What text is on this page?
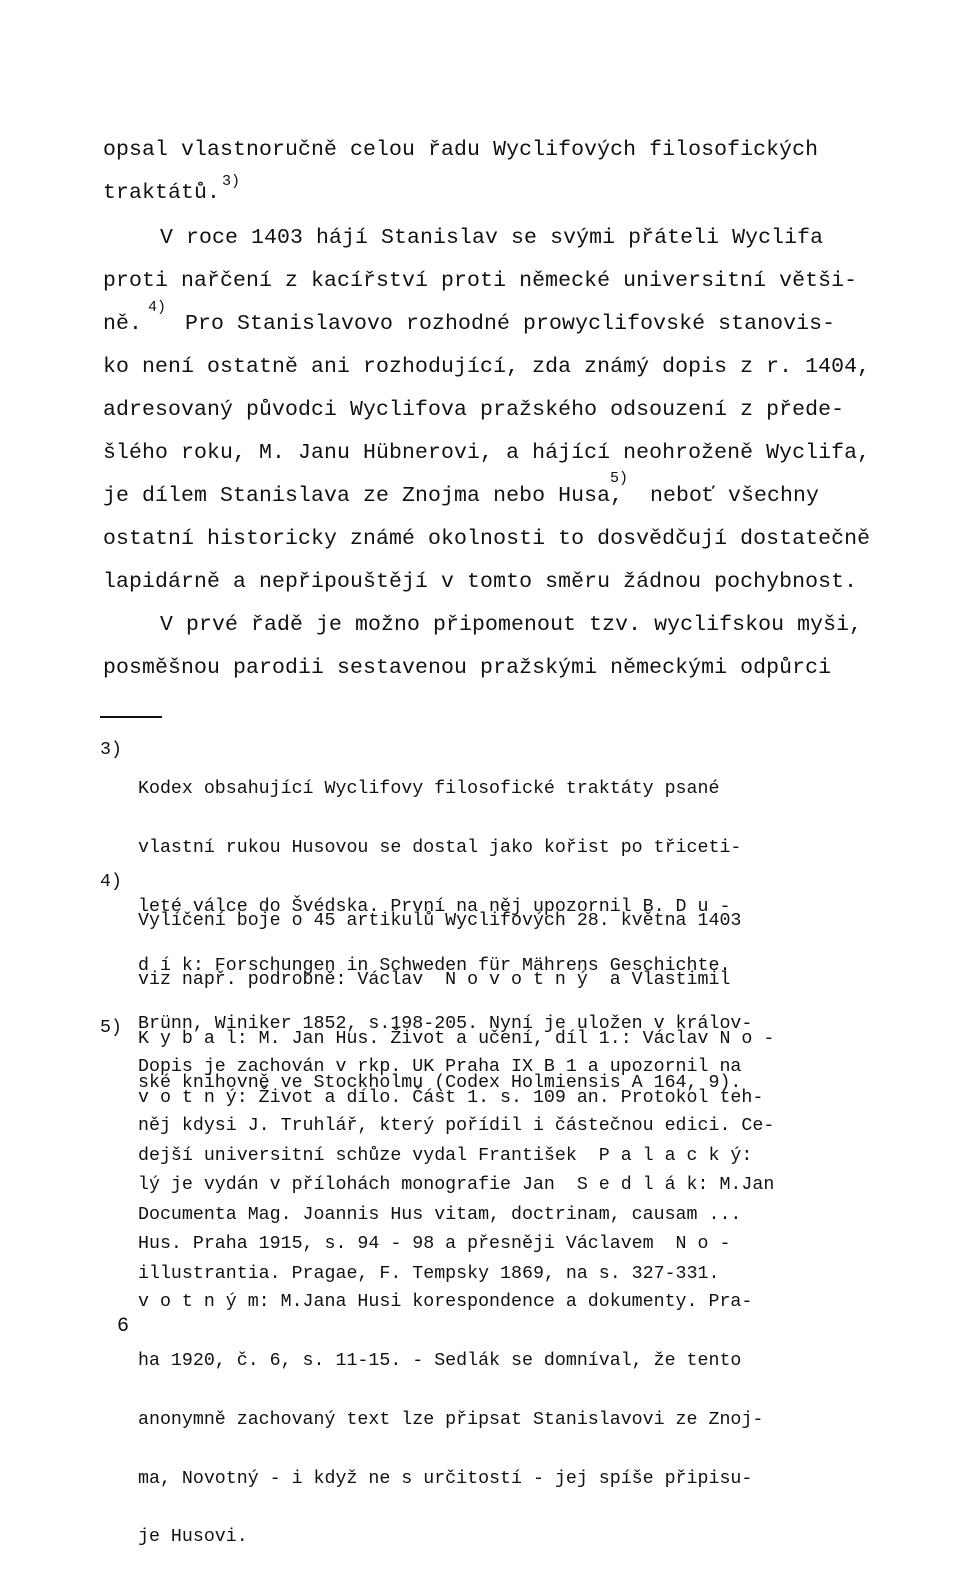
opsal vlastnoručně celou řadu Wyclifových filosofických
traktátů. 3)
V roce 1403 hájí Stanislav se svými přáteli Wyclifa
proti nařčení z kacířství proti německé universitní větši-
ně.
4)
Pro Stanislavovo rozhodné prowyclifovské stanovis-
ko není ostatně ani rozhodující, zda známý dopis z r. 1404,
adresovaný původci Wyclifova pražského odsouzení z přede-
šlého roku, M. Janu Hübnerovi, a hájící neohroženě Wyclifa,
je dílem Stanislava ze Znojma nebo Husa,
5)
neboť všechny
ostatní historicky známé okolnosti to dosvědčují dostatečně
lapidárně a nepřipouštějí v tomto směru žádnou pochybnost.
V prvé řadě je možno připomenout tzv. wyclifskou myši,
posměšnou parodii sestavenou pražskými německými odpůrci
3)

Kodex obsahující Wyclifovy filosofické traktáty psané

vlastní rukou Husovou se dostal jako kořist po třiceti-

leté válce do Švédska. První na něj upozornil B. D u -

d í k: Forschungen in Schweden für Mährens Geschichte.

Brünn, Winiker 1852, s.198-205. Nyní je uložen v králov-

ské knihovně ve Stockholmu (Codex Holmiensis A 164, 9).

4)

Vylíčení boje o 45 artikulů Wyclifových 28. května 1403

viz např. podrobně: Václav  N o v o t n ý  a Vlastimil

K y b a l: M. Jan Hus. Život a učení, díl 1.: Václav N o -

v o t n ý: Život a dílo. Část 1. s. 109 an. Protokol teh-

dejší universitní schůze vydal František  P a l a c k ý:

Documenta Mag. Joannis Hus vitam, doctrinam, causam ...

illustrantia. Pragae, F. Tempsky 1869, na s. 327-331.

5)

Dopis je zachován v rkp. UK Praha IX B 1 a upozornil na

něj kdysi J. Truhlář, který pořídil i částečnou edici. Ce-

lý je vydán v přílohách monografie Jan  S e d l á k: M.Jan

Hus. Praha 1915, s. 94 - 98 a přesněji Václavem  N o -

v o t n ý m: M.Jana Husi korespondence a dokumenty. Pra-

ha 1920, č. 6, s. 11-15. - Sedlák se domníval, že tento

anonymně zachovaný text lze připsat Stanislavovi ze Znoj-

ma, Novotný - i když ne s určitostí - jej spíše připisu-

je Husovi.

6
